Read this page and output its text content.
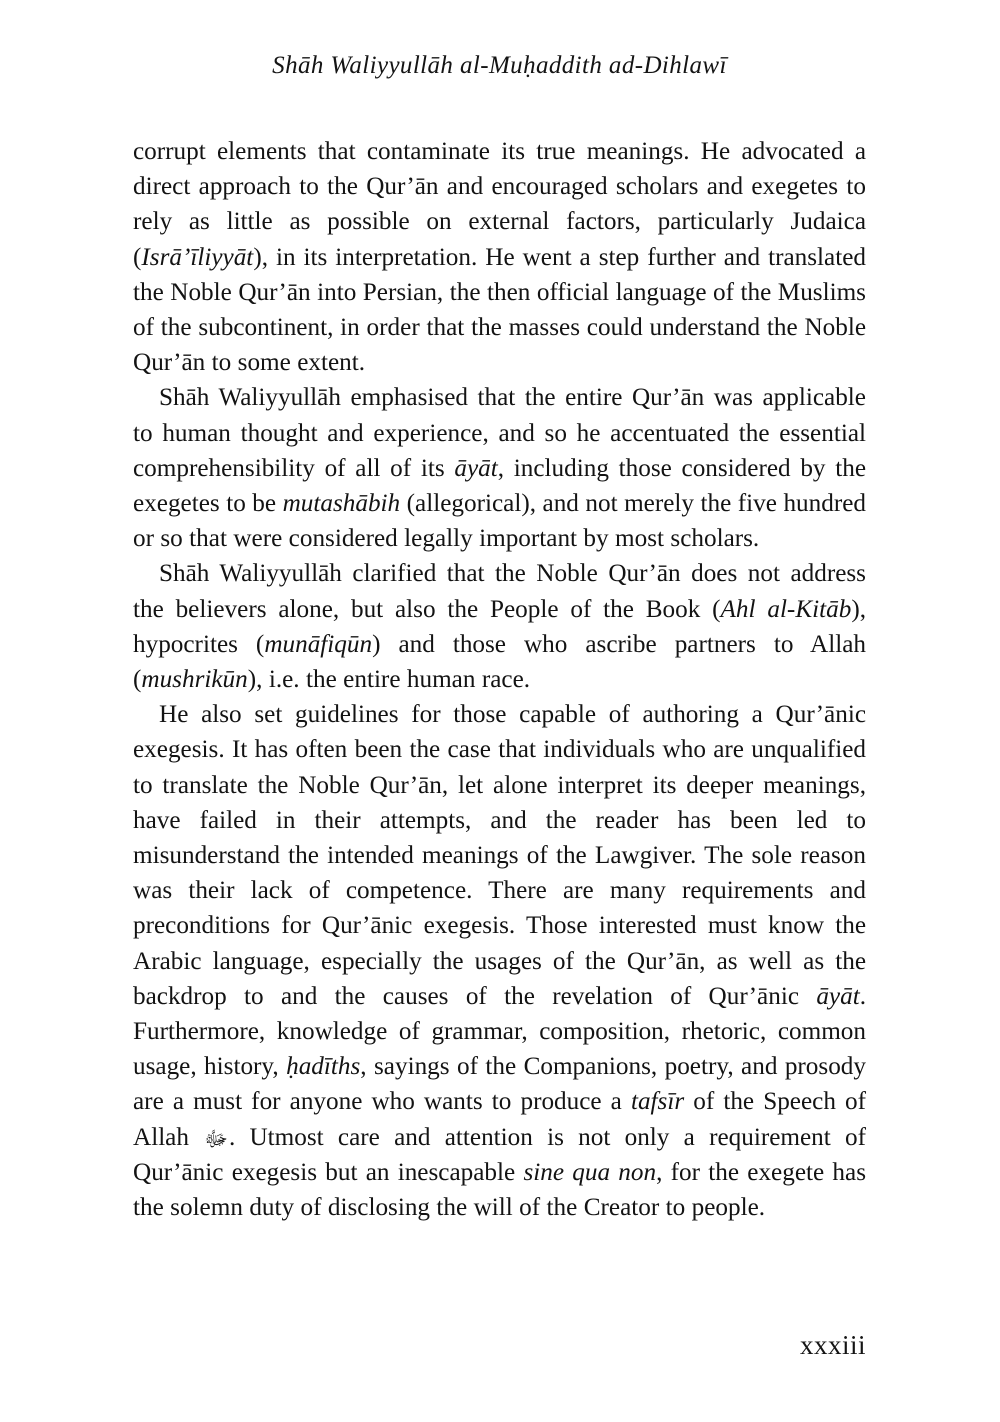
Shāh Waliyyullāh al-Muḥaddith ad-Dihlawī

corrupt elements that contaminate its true meanings. He advocated a direct approach to the Qur’ān and encouraged scholars and exegetes to rely as little as possible on external factors, particularly Judaica (Isrā’īliyyāt), in its interpretation. He went a step further and translated the Noble Qur’ān into Persian, the then official language of the Muslims of the subcontinent, in order that the masses could understand the Noble Qur’ān to some extent.

Shāh Waliyyullāh emphasised that the entire Qur’ān was applicable to human thought and experience, and so he accentuated the essential comprehensibility of all of its āyāt, including those considered by the exegetes to be mutashābih (allegorical), and not merely the five hundred or so that were considered legally important by most scholars.

Shāh Waliyyullāh clarified that the Noble Qur’ān does not address the believers alone, but also the People of the Book (Ahl al-Kitāb), hypocrites (munāfiqūn) and those who ascribe partners to Allah (mushrikūn), i.e. the entire human race.

He also set guidelines for those capable of authoring a Qur’ānic exegesis. It has often been the case that individuals who are unqualified to translate the Noble Qur’ān, let alone interpret its deeper meanings, have failed in their attempts, and the reader has been led to misunderstand the intended meanings of the Lawgiver. The sole reason was their lack of competence. There are many requirements and preconditions for Qur’ānic exegesis. Those interested must know the Arabic language, especially the usages of the Qur’ān, as well as the backdrop to and the causes of the revelation of Qur’ānic āyāt. Furthermore, knowledge of grammar, composition, rhetoric, common usage, history, ḥadīths, sayings of the Companions, poetry, and prosody are a must for anyone who wants to produce a tafsīr of the Speech of Allah ﷻ. Utmost care and attention is not only a requirement of Qur’ānic exegesis but an inescapable sine qua non, for the exegete has the solemn duty of disclosing the will of the Creator to people.

xxxiii
